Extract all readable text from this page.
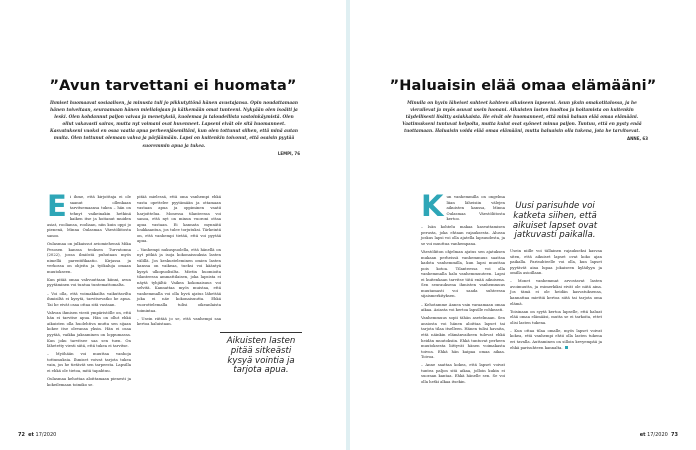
”Avun tarvettani ei huomata”
Ihmiset huomaavat sosiaalisen, ja minusta tuli jo pikkutyttönä hänen avustajansa. Opin noudattamaan hänen toiveitaan, seuraamaan hänen mielialojaan ja kätkemään omat tunteeni. Nykyään olen isoäiti ja leski. Olen kohdannut paljon vaivaa ja menetyksiä, kuolemaa ja taloudellista vastoinkäymistä. Olen ollut vakavasti sairas, mutta nyt voimani ovat huvenneet. Lapseni eivät ole sitä huomanneet. Kasvatukseni vuoksi en osaa vaatia apua perheenjäseniltäni, kun olen tottunut siihen, että minä autan muita. Olen tottunut olemaan vahva ja pärjäämään. Lapsi on kuitenkin toivonut, että osaisin pyytää suoremmin apua ja tukea.
LEMPI, 76

Ei ihme, että kirjoittaja ei ole saanut ollenkaan tarvitsemaansa tukea – hän on tehnyt vaikeinakin hetkinä kaiken itse ja hoitanut muiden asiat, rooliansa, rooliaan, niin kuin oppi jo pienenä, Minna Oulasmaa Väestöliitosta sanoo.

Oulasmaa on julkaissut aviomiehensä Mika Pesosen kanssa teoksen Turvatonna (2022), jossa ilmiöstä puhutaan myös nimellä parentifikaatio. Kirjassa ja verkossa on ohjeita ja työkaluja omaan muutokseen.

Kun pitää omaa vahvuuttaan kiinni, avun pyytäminen voi tuntua tuntemattomalta.

– Voi olla, että voimakkailta vaikuttavilta ihmisiltä ei kysytä, tarvitsevatko he apua. Tai he eivät osaa ottaa sitä vastaan.

Vahvan ihmisen viesti ympäristölle on, että hän ei tarvitse apua. Hän on ollut ehkä aikuisten olla huolehtiva mutta sen sijaan kokee itse olevansa yksin. Hän ei osaa pyytää, vaikka jaksaminen on loppumassa. Kun joku tarvitsee saa sen tuen. On lähetetty viesti siitä, että tukea ei tarvitse.

– Myöhään voi muuttaa vanhoja tottumuksia. Ihmiset voivat tarjota tukea vain, jos he tietävät sen tarpeesta. Lapsilla ei ehkä ole tietoa, mitä tapahtuu.

Oulasmaa kehottaa aloittamaan pienesti ja kokeilemaan toimiko se.

pitää mielessä, että oma vanhempi ehkä vasta opettelee pyytämään ja ottamaan vastaan apua ja oppiminen vaatii harjoittelua. Monessa tilanteessa voi sanoa, että nyt on minun vuoroni ottaa apua vastaan. Ei kannata mynnätä loukkaantua, jos tulee torjutuksi. Tärkeintä on, että vanhempi tietää, että voi pyytää apua.

– Vanhempi nukuspuolella, että hänellä on nyt pitkiä ja isoja kokonaisuuksia lasten välillä. Jos keskusteleminen omien lasten kanssa on vaikeaa, tueksi voi kääntyä kysyä ulkopuolisilta. Mietin huomioita tilanteessa ammattilaisen, joka lapsista ei näytä tyhjältä: Vaikea kokonaisuus voi selvitä. Kannattaa myös muistaa, että vanhemmalla voi olla hyvä ajatus lähettää joka ei näe kokonaisuutta. Ehkä vuorottelemalla tulisi oikeanlaista toimintaa.

– Usein riittää jo se, että vanhempi saa kertoa haluistaan.

Aikuisten lasten pitää sitkeästi kysyä vointia ja tarjota apua.
72 et 17/2020
”Haluaisin elää omaa elämääni”
Minulla on hyvin läheiset suhteet kahteen aikuiseen lapseeni. Asun yksin omakotitalossa, ja he vierailevat ja myös asuvat usein luonani. Aikuisten lasten huoltoa ja hoitamista on kuitenkin täydellisesti lisätty asiakkaista. He eivät ole huomanneet, että minä haluan elää omaa elämääni. Vaatimukseni tuntuvat helpolta, mutta kulut ovat syöneet minua paljon. Tuntuu, että en pysty enää tuottamaan. Haluaisin voida elää omaa elämääni, mutta haluaisin olla tukena, jota he tarvitsevat.
ANNE, 63

Kun vanhemmilla on ongelma liian läheisiin välejen aikuisten kanssa, Minna Oulasmaa Väestöliitosta kertoo.

– Isän kohtelu makaa kasvattamisen perusta, joka ehtaan rajauksesta. Alussa joskus lapsi voi olla ajatella lapsuudesta, ja se voi muuttua vanhempana.

Väestöliiton ohjelman ajatus sen ajatuksen mukaan perheissä vanhemmuus saattaa kadota vanhemmilla, kun lapsi muuttaa pois kotoa. Tilanteessa voi olla vanhemmalla halu vanhemmuuteen. Lapsi ei kuitenkaan tarvitse tätä enää aikuisena. Sen seurauksena ihmisten vanhemmuus muutamasti voi saada suhteessa sijaismerkityksen.

– Kehotamme Annea vain varaamaan omaa aikaa. Asiasta voi kertoa lapsille rohkeasti.

Vanhemmuus sopii tähän asetelmaan. Sen ansiosta voi hänen aloittaa lapset tai tarjota tilaa itselleen. Hänen tulisi havaita, että näinkin elämänvaiheen tulevat ehkä heidän muutoksiin. Ehkä tuntuvat perheen muutoksesta liittyvät hänen voimakasta toivoa. Ehkä hän kaipaa omaa aikaa. Toivoa.

– Anne saattaa kokea, että lapset voivat tuntea paljon sitä aikaa, jolloin kukin ei suoraan kantaa. Ehkä hänelle sen. Se voi olla hetki alkaa itsekin.

Uusi parisuhde voi katketa siihen, että aikuiset lapset ovat jatkuvasti paikalla.

Usein niille voi tällainen rajaukseksi kasvaa siten, että aikuiset lapset ovat koko ajan paikalla. Parisuhteelle voi olla, kun lapset pyytävät aina lupaa jokaiseen kyläilyyn ja omilla asioillaan.

– Monet vanhemmat arvostavat lasten avoimuutta, ja esimerkiksi eivät ole niitä aina. Jos tämä ei ole heidän kasvatuksensa, kannattaa miettiä kertoa siitä tai tarjota oma elämä.

Toisinaan on syytä kertoa lapselle, että haluat elää omaa elämääsi, mutta se ei tarkoita, ettet olisi lasten tukena.

– Kun ottaa tilaa omalle, myös lapset voivat kokea, että vanhempi ehtii olla lasten tukena eri tavalla. Auttaminen on silloin kevyempää ja ehkä parisuhteen kannalta.

et 17/2020 73
